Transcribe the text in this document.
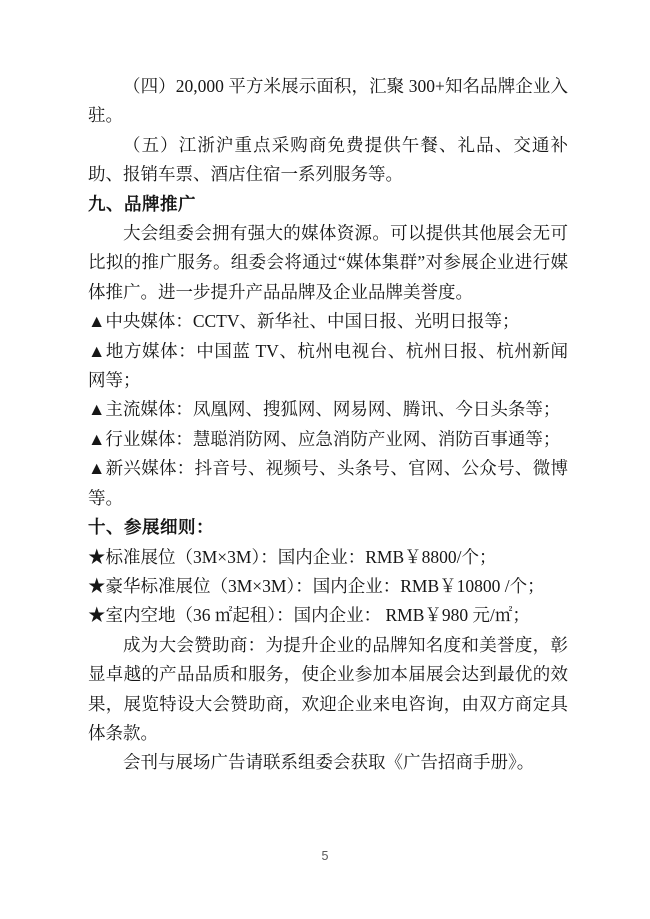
（四）20,000 平方米展示面积，汇聚 300+知名品牌企业入驻。

（五）江浙沪重点采购商免费提供午餐、礼品、交通补助、报销车票、酒店住宿一系列服务等。

九、品牌推广

大会组委会拥有强大的媒体资源。可以提供其他展会无可比拟的推广服务。组委会将通过“媒体集群”对参展企业进行媒体推广。进一步提升产品品牌及企业品牌美誉度。

▲中央媒体：CCTV、新华社、中国日报、光明日报等；

▲地方媒体：中国蓝 TV、杭州电视台、杭州日报、杭州新闻网等；

▲主流媒体：凤凰网、搜狐网、网易网、腾讯、今日头条等；

▲行业媒体：慧聪消防网、应急消防产业网、消防百事通等；

▲新兴媒体：抖音号、视频号、头条号、官网、公众号、微博等。

十、参展细则：

★标准展位（3M×3M）：国内企业：RMB￥8800/个；

★豪华标准展位（3M×3M）：国内企业：RMB￥10800 /个；

★室内空地（36 ㎡起租）：国内企业： RMB￥980 元/㎡；

成为大会赞助商：为提升企业的品牌知名度和美誉度，彰显卓越的产品品质和服务，使企业参加本届展会达到最优的效果，展览特设大会赞助商，欢迎企业来电咨询，由双方商定具体条款。

会刊与展场广告请联系组委会获取《广告招商手册》。

5
